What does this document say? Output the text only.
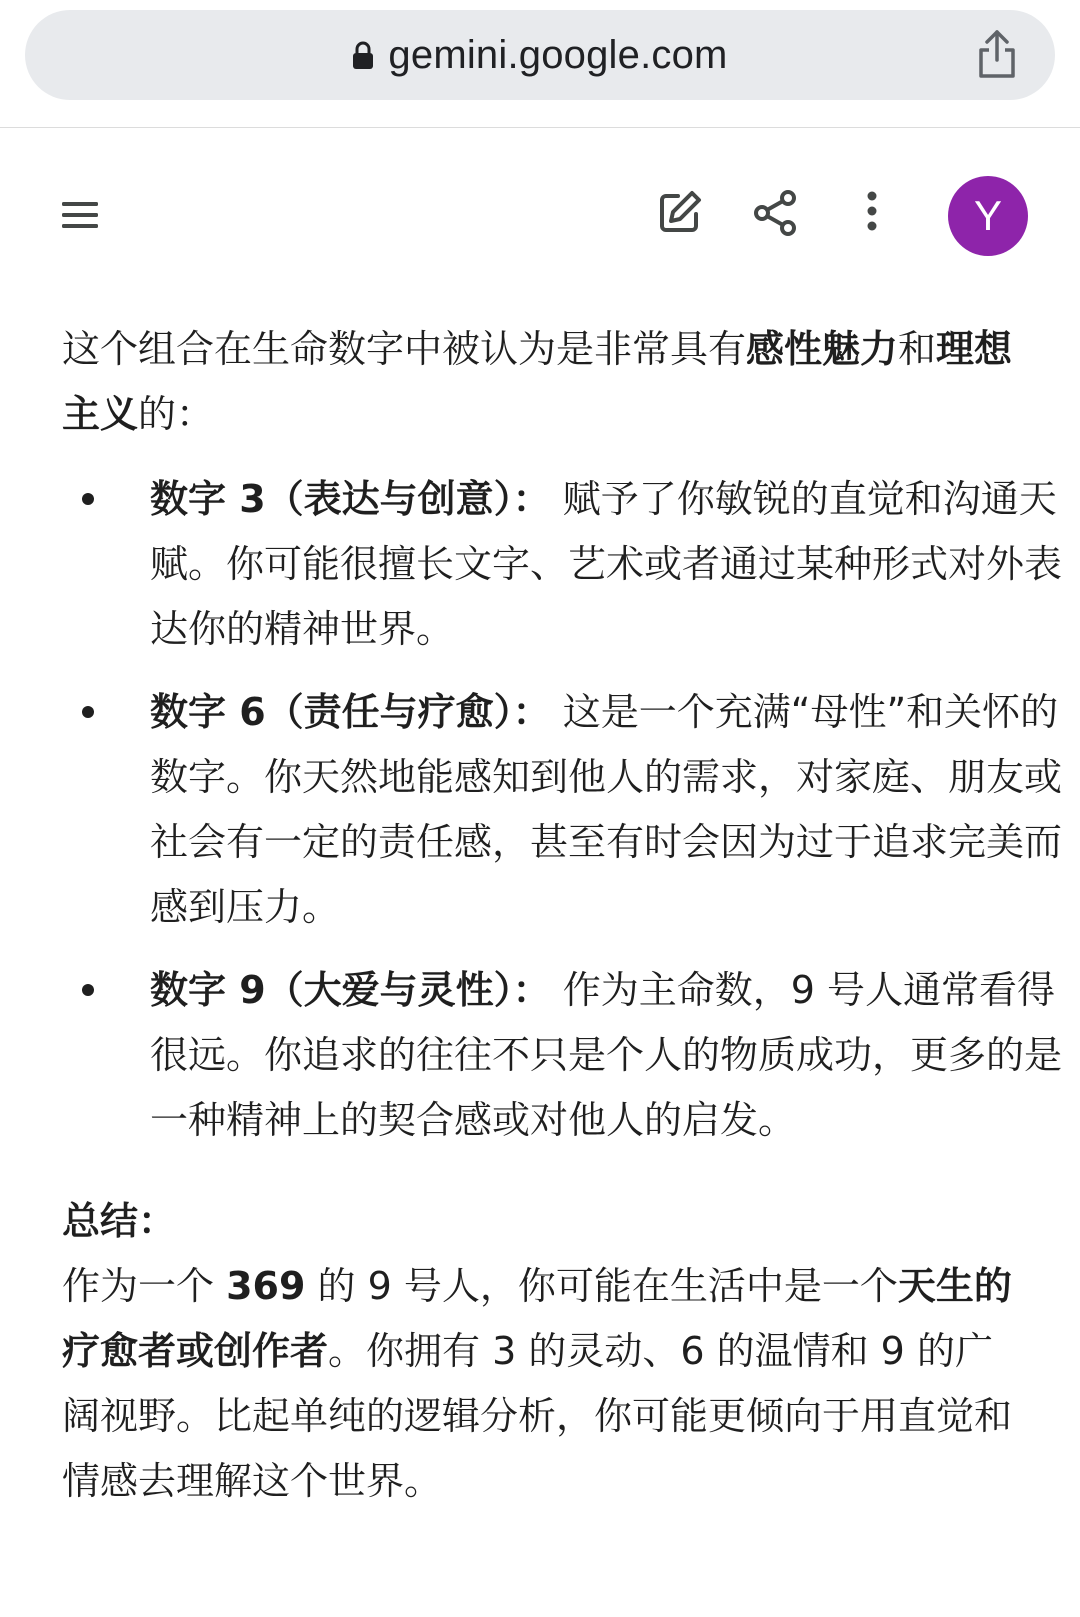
gemini.google.com
Y

这个组合在生命数字中被认为是非常具有感性魅力和理想主义的：

数字 3（表达与创意）： 赋予了你敏锐的直觉和沟通天赋。你可能很擅长文字、艺术或者通过某种形式对外表达你的精神世界。
数字 6（责任与疗愈）： 这是一个充满“母性”和关怀的数字。你天然地能感知到他人的需求，对家庭、朋友或社会有一定的责任感，甚至有时会因为过于追求完美而感到压力。
数字 9（大爱与灵性）： 作为主命数，9 号人通常看得很远。你追求的往往不只是个人的物质成功，更多的是一种精神上的契合感或对他人的启发。

总结：

作为一个 369 的 9 号人，你可能在生活中是一个天生的疗愈者或创作者。你拥有 3 的灵动、6 的温情和 9 的广阔视野。比起单纯的逻辑分析，你可能更倾向于用直觉和情感去理解这个世界。
